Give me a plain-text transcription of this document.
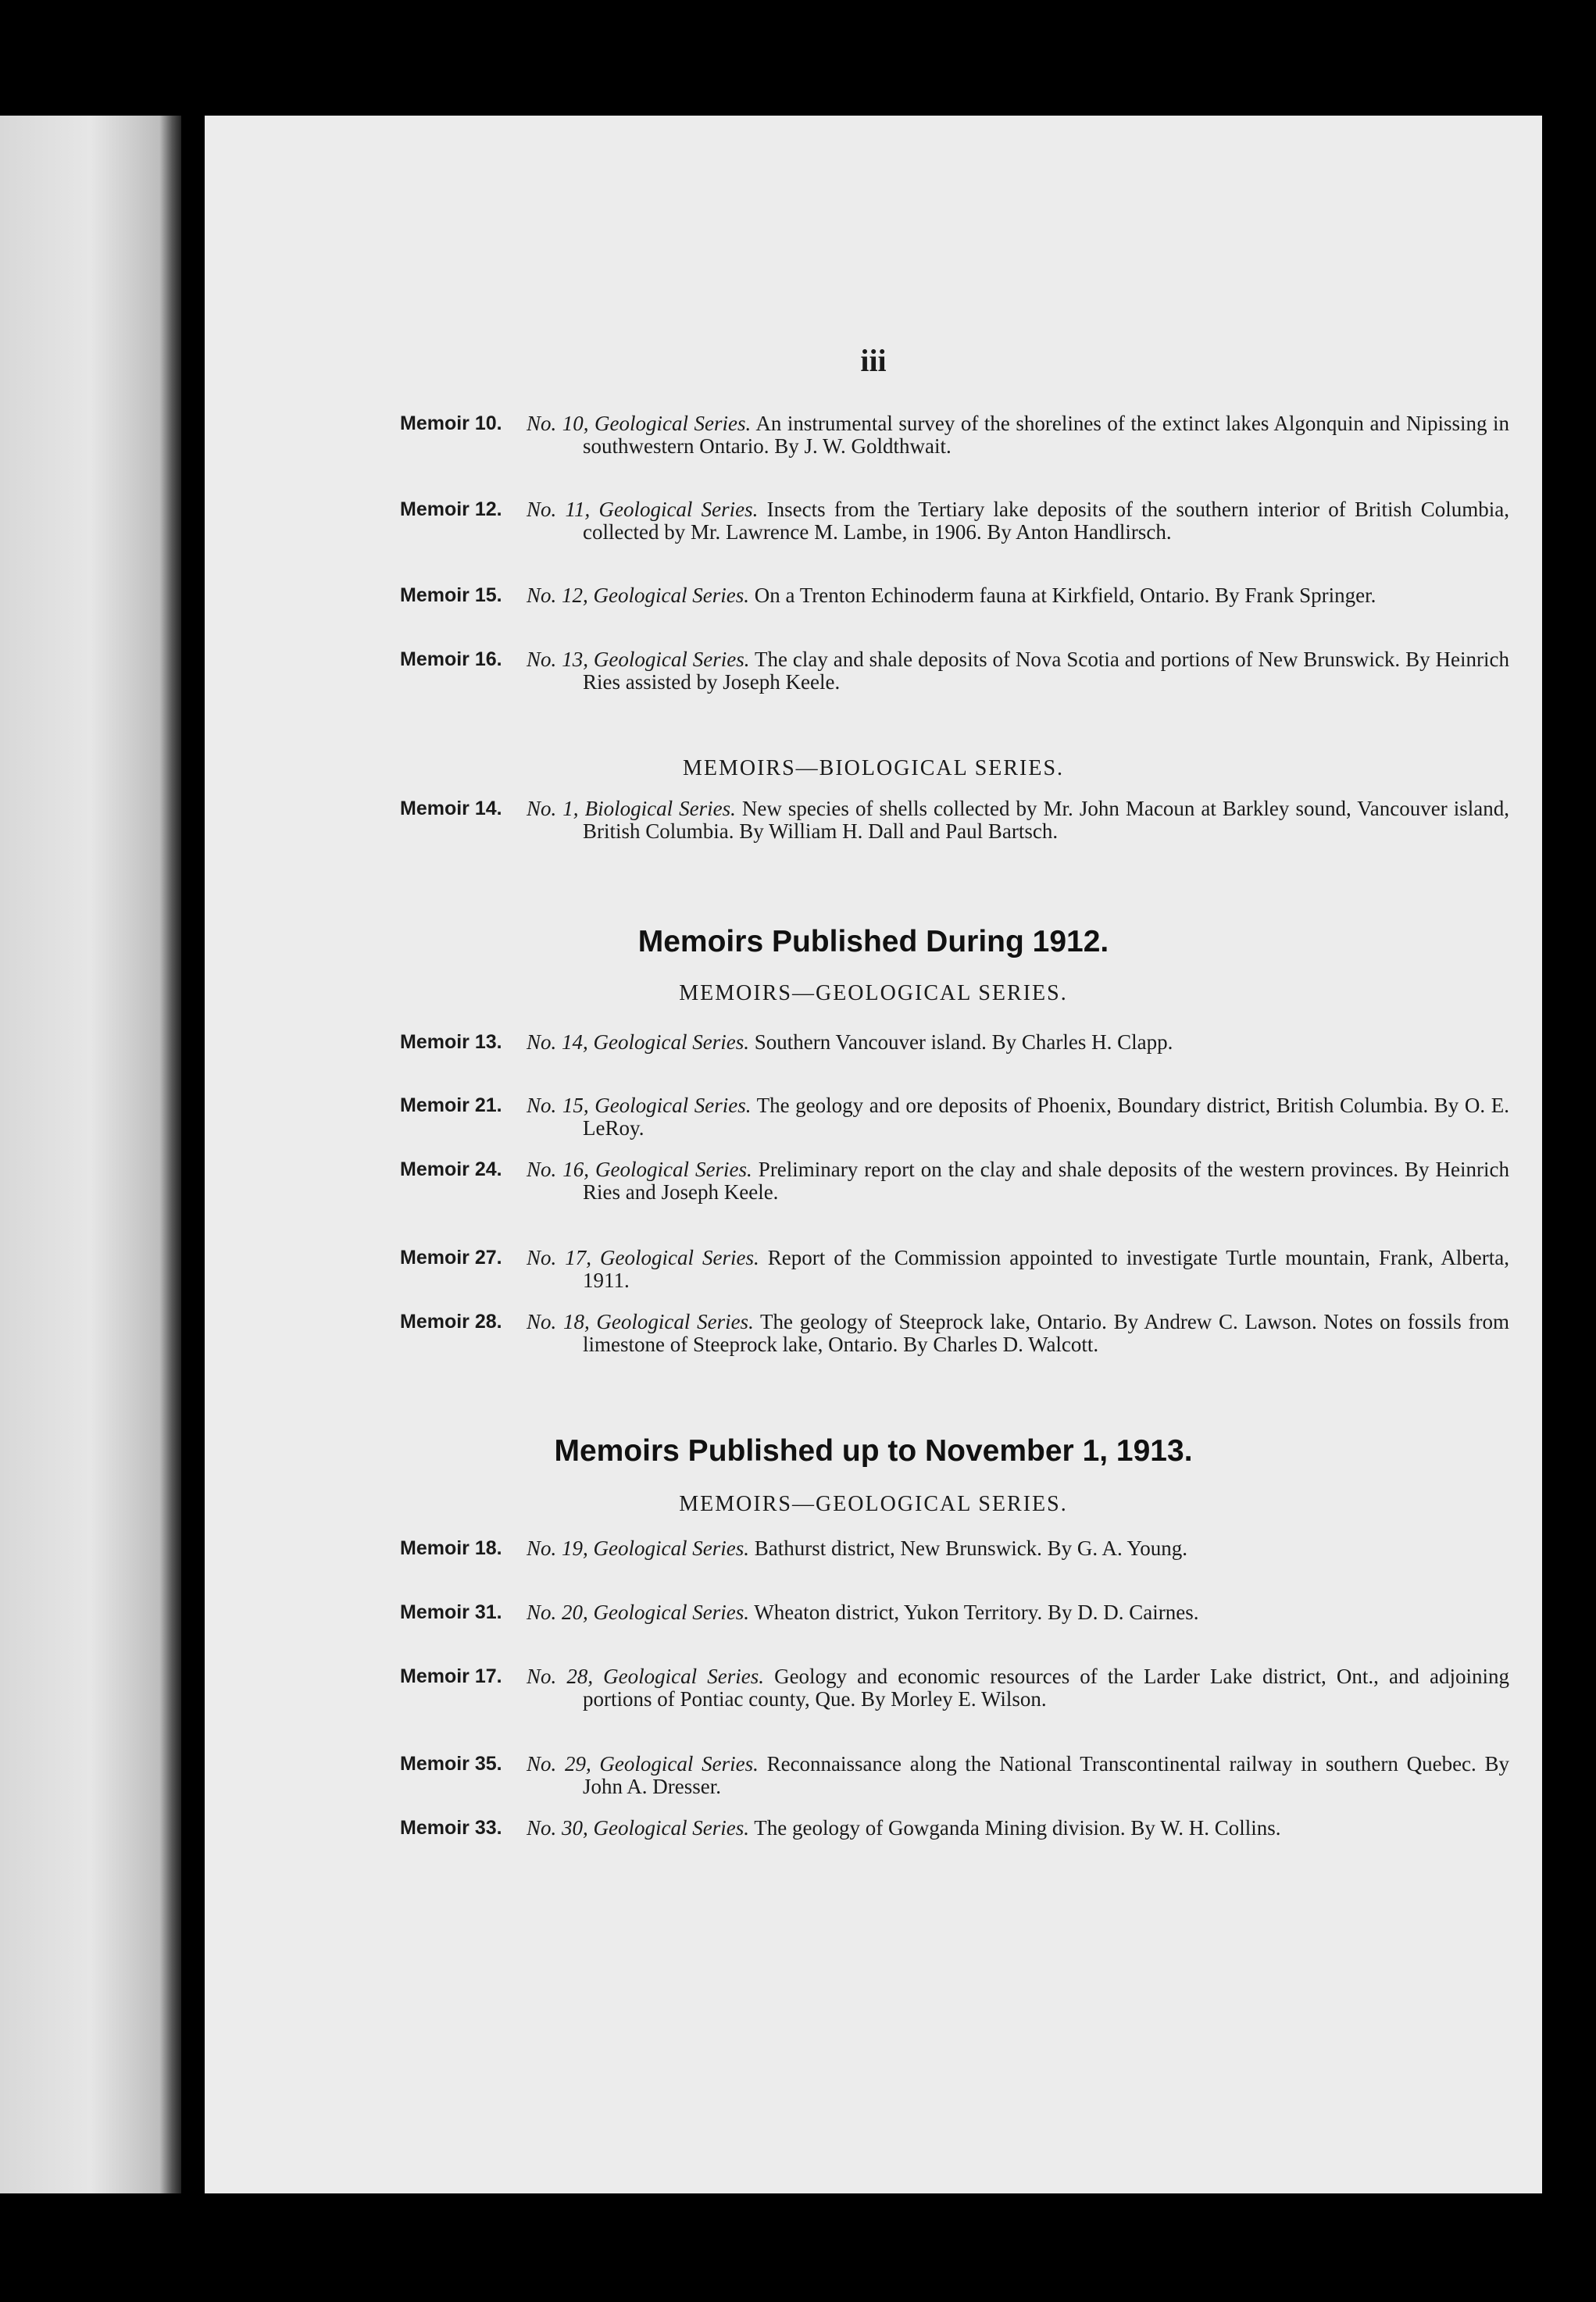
iii
Memoir 10.	No. 10, Geological Series. An instrumental survey of the shorelines of the extinct lakes Algonquin and Nipissing in southwestern Ontario. By J. W. Goldthwait.
Memoir 12.	No. 11, Geological Series. Insects from the Tertiary lake deposits of the southern interior of British Columbia, collected by Mr. Lawrence M. Lambe, in 1906. By Anton Handlirsch.
Memoir 15.	No. 12, Geological Series. On a Trenton Echinoderm fauna at Kirkfield, Ontario. By Frank Springer.
Memoir 16.	No. 13, Geological Series. The clay and shale deposits of Nova Scotia and portions of New Brunswick. By Heinrich Ries assisted by Joseph Keele.
MEMOIRS—BIOLOGICAL SERIES.
Memoir 14.	No. 1, Biological Series. New species of shells collected by Mr. John Macoun at Barkley sound, Vancouver island, British Columbia. By William H. Dall and Paul Bartsch.
Memoirs Published During 1912.
MEMOIRS—GEOLOGICAL SERIES.
Memoir 13.	No. 14, Geological Series. Southern Vancouver island. By Charles H. Clapp.
Memoir 21.	No. 15, Geological Series. The geology and ore deposits of Phoenix, Boundary district, British Columbia. By O. E. LeRoy.
Memoir 24.	No. 16, Geological Series. Preliminary report on the clay and shale deposits of the western provinces. By Heinrich Ries and Joseph Keele.
Memoir 27.	No. 17, Geological Series. Report of the Commission appointed to investigate Turtle mountain, Frank, Alberta, 1911.
Memoir 28.	No. 18, Geological Series. The geology of Steeprock lake, Ontario. By Andrew C. Lawson. Notes on fossils from limestone of Steeprock lake, Ontario. By Charles D. Walcott.
Memoirs Published up to November 1, 1913.
MEMOIRS—GEOLOGICAL SERIES.
Memoir 18.	No. 19, Geological Series. Bathurst district, New Brunswick. By G. A. Young.
Memoir 31.	No. 20, Geological Series. Wheaton district, Yukon Territory. By D. D. Cairnes.
Memoir 17.	No. 28, Geological Series. Geology and economic resources of the Larder Lake district, Ont., and adjoining portions of Pontiac county, Que. By Morley E. Wilson.
Memoir 35.	No. 29, Geological Series. Reconnaissance along the National Transcontinental railway in southern Quebec. By John A. Dresser.
Memoir 33.	No. 30, Geological Series. The geology of Gowganda Mining division. By W. H. Collins.
